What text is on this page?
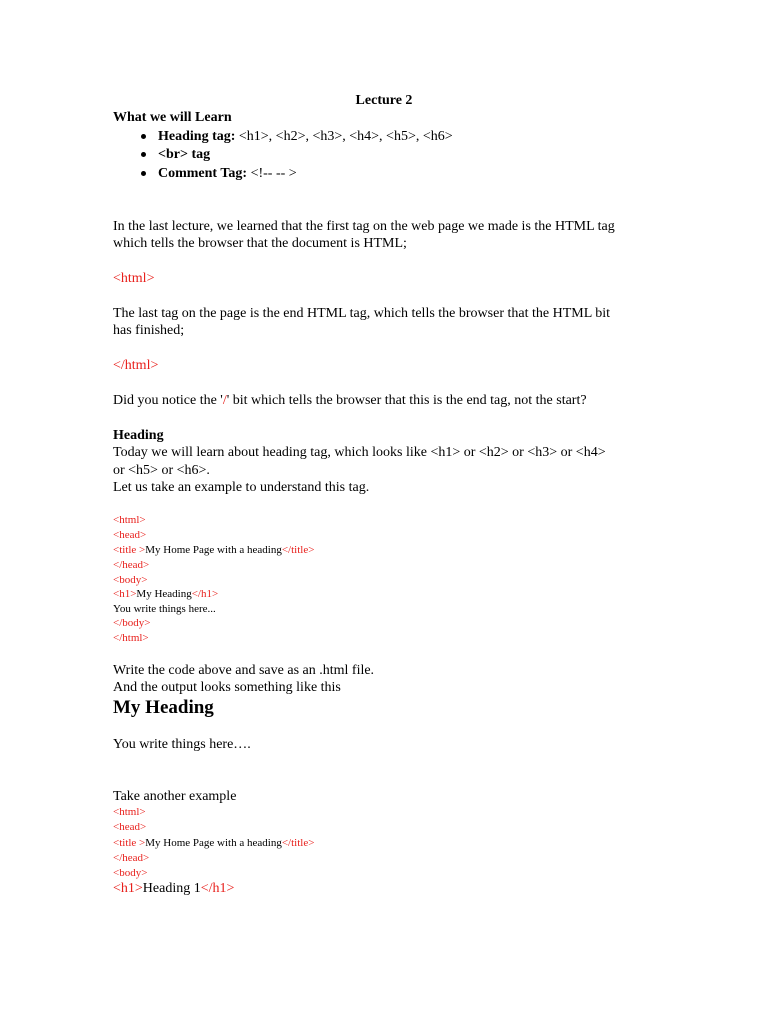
Lecture 2
What we will Learn
Heading tag: <h1>, <h2>, <h3>, <h4>, <h5>, <h6>
<br> tag
Comment Tag: <!-- -- >
In the last lecture, we learned that the first tag on the web page we made is the HTML tag
which tells the browser that the document is HTML;
<html>
The last tag on the page is the end HTML tag, which tells the browser that the HTML bit
has finished;
</html>
Did you notice the '/' bit which tells the browser that this is the end tag, not the start?
Heading
Today we will learn about heading tag, which looks like <h1> or <h2> or <h3> or <h4>
or <h5> or <h6>.
Let us take an example to understand this tag.
<html>
<head>
<title >My Home Page with a heading</title>
</head>
<body>
<h1>My Heading</h1>
You write things here...
</body>
</html>
Write the code above and save as an .html file.
And the output looks something like this
My Heading
You write things here….
Take another example
<html>
<head>
<title >My Home Page with a heading</title>
</head>
<body>
<h1>Heading 1</h1>
